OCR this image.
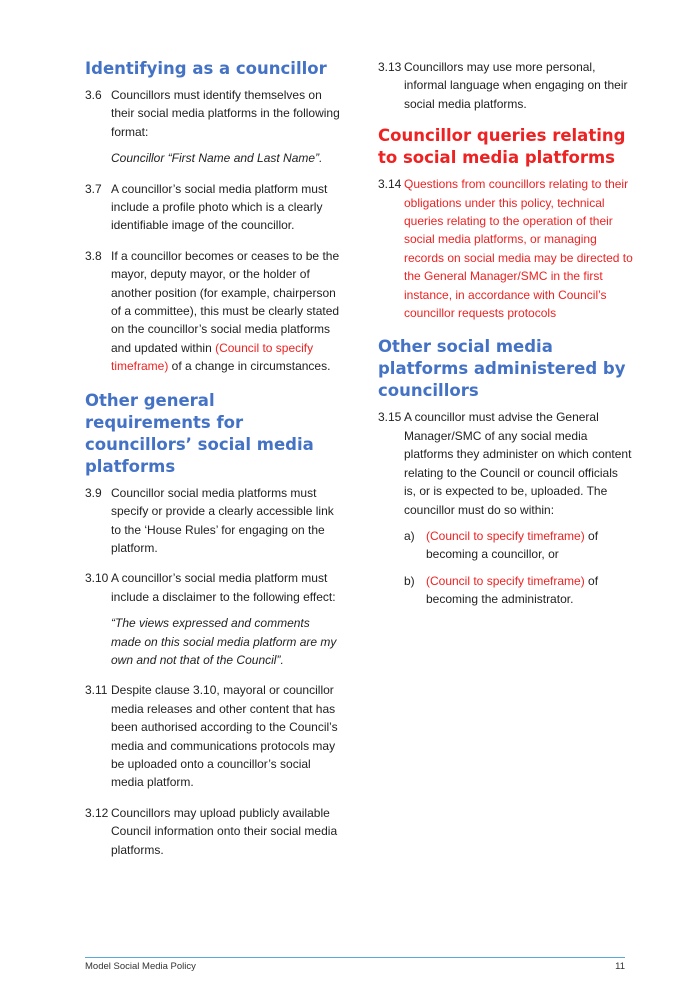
Identifying as a councillor
3.6 Councillors must identify themselves on their social media platforms in the following format:
Councillor “First Name and Last Name”.
3.7 A councillor’s social media platform must include a profile photo which is a clearly identifiable image of the councillor.
3.8 If a councillor becomes or ceases to be the mayor, deputy mayor, or the holder of another position (for example, chairperson of a committee), this must be clearly stated on the councillor’s social media platforms and updated within (Council to specify timeframe) of a change in circumstances.
Other general requirements for councillors’ social media platforms
3.9 Councillor social media platforms must specify or provide a clearly accessible link to the ‘House Rules’ for engaging on the platform.
3.10 A councillor’s social media platform must include a disclaimer to the following effect:
“The views expressed and comments made on this social media platform are my own and not that of the Council”.
3.11 Despite clause 3.10, mayoral or councillor media releases and other content that has been authorised according to the Council’s media and communications protocols may be uploaded onto a councillor’s social media platform.
3.12 Councillors may upload publicly available Council information onto their social media platforms.
3.13 Councillors may use more personal, informal language when engaging on their social media platforms.
Councillor queries relating to social media platforms
3.14 Questions from councillors relating to their obligations under this policy, technical queries relating to the operation of their social media platforms, or managing records on social media may be directed to the General Manager/SMC in the first instance, in accordance with Council’s councillor requests protocols
Other social media platforms administered by councillors
3.15 A councillor must advise the General Manager/SMC of any social media platforms they administer on which content relating to the Council or council officials is, or is expected to be, uploaded. The councillor must do so within:
a) (Council to specify timeframe) of becoming a councillor, or
b) (Council to specify timeframe) of becoming the administrator.
Model Social Media Policy	11
